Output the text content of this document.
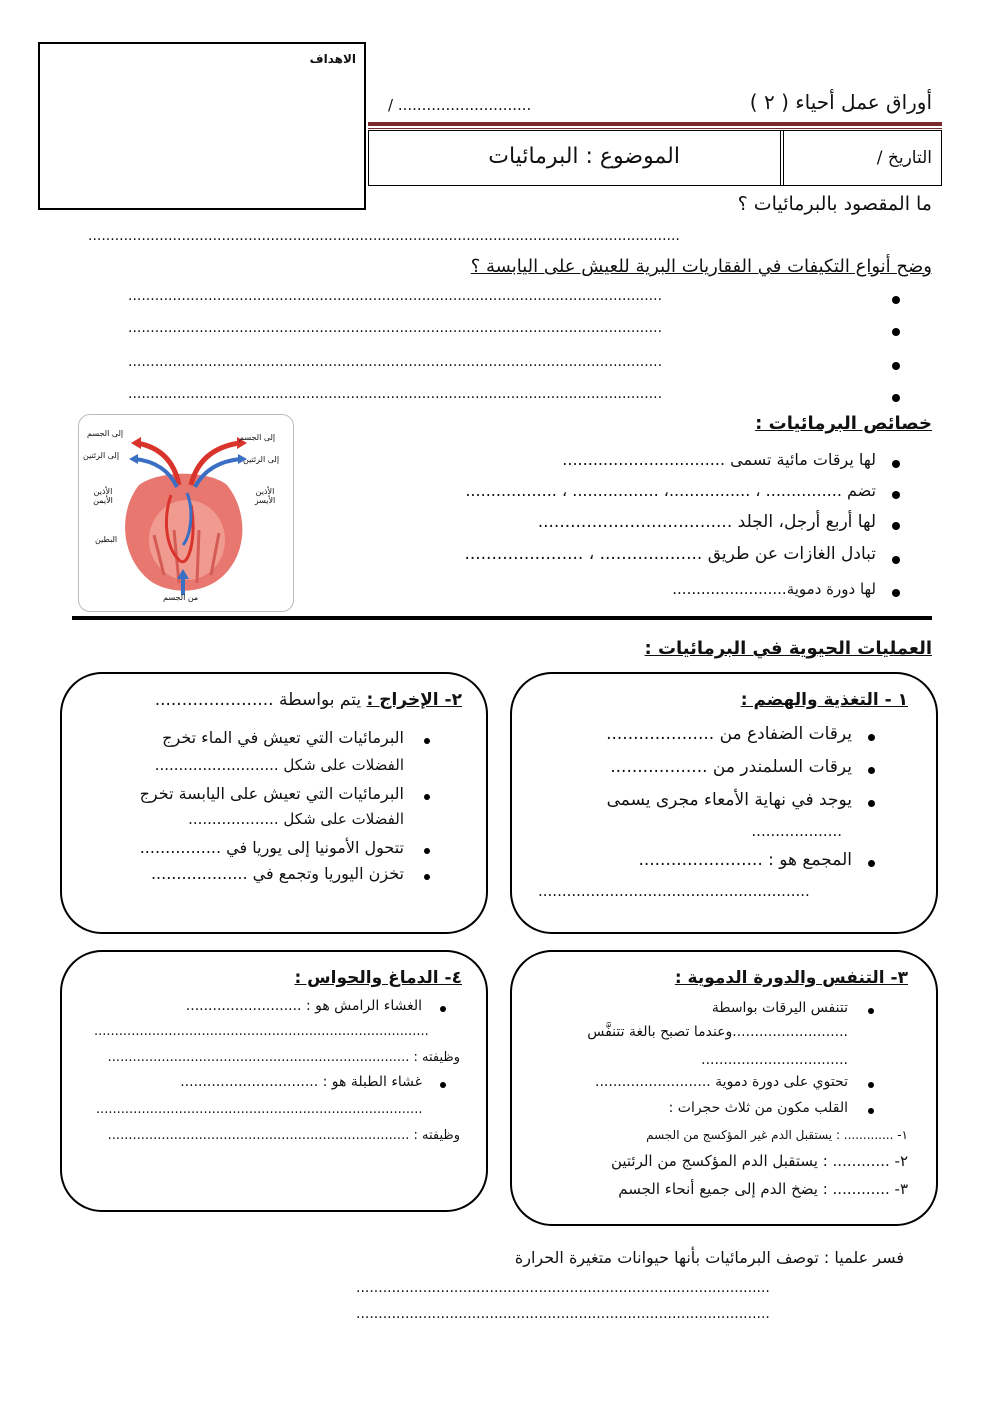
الاهداف
أوراق عمل أحياء ( ٢ )
/ ............................
التاريخ /
الموضوع : البرمائيات
ما المقصود بالبرمائيات ؟
.....................................................................................................................................
وضح أنواع التكيفات في الفقاريات البرية للعيش على اليابسة ؟
........................................................................................................................
........................................................................................................................
........................................................................................................................
........................................................................................................................
إلى الجسم	إلى الجسم
إلى الرئتين	إلى الرئتين
الأذين الأيمن
الأذين الأيسر
البطين
من الجسم
خصائص البرمائيات :
لها يرقات مائية تسمى ................................
تضم ............... ، ................، ................. ، ..................
لها أربع أرجل، الجلد ....................................
تبادل الغازات عن طريق ................... ، ......................
لها دورة دموية........................
العمليات الحيوية في البرمائيات :
١ - التغذية والهضم :
يرقات الضفادع من ....................
يرقات السلمندر من ..................
يوجد في نهاية الأمعاء مجرى يسمى
...................
المجمع هو : .......................
.........................................................
٢- الإخراج : يتم بواسطة ......................
البرمائيات التي تعيش في الماء تخرج
الفضلات على شكل ..........................
البرمائيات التي تعيش على اليابسة تخرج
الفضلات على شكل ...................
تتحول الأمونيا إلى يوريا في ................
تخزن اليوريا وتجمع في ...................
٣- التنفس والدورة الدموية :
تتنفس اليرقات بواسطة
..........................وعندما تصبح بالغة تتنفَّس
.................................
تحتوي على دورة دموية ..........................
القلب مكون من ثلاث حجرات :
١- ............. : يستقبل الدم غير المؤكسج من الجسم
٢- ............ : يستقبل الدم المؤكسج من الرئتين
٣- ............ : يضخ الدم إلى جميع أنحاء الجسم
٤- الدماغ والحواس :
الغشاء الرامش هو : ..........................
.................................................................................
وظيفته : .........................................................................
غشاء الطبلة هو : ...............................
...............................................................................
وظيفته : .........................................................................
فسر علميا : توصف البرمائيات بأنها حيوانات متغيرة الحرارة
.............................................................................................
.............................................................................................
